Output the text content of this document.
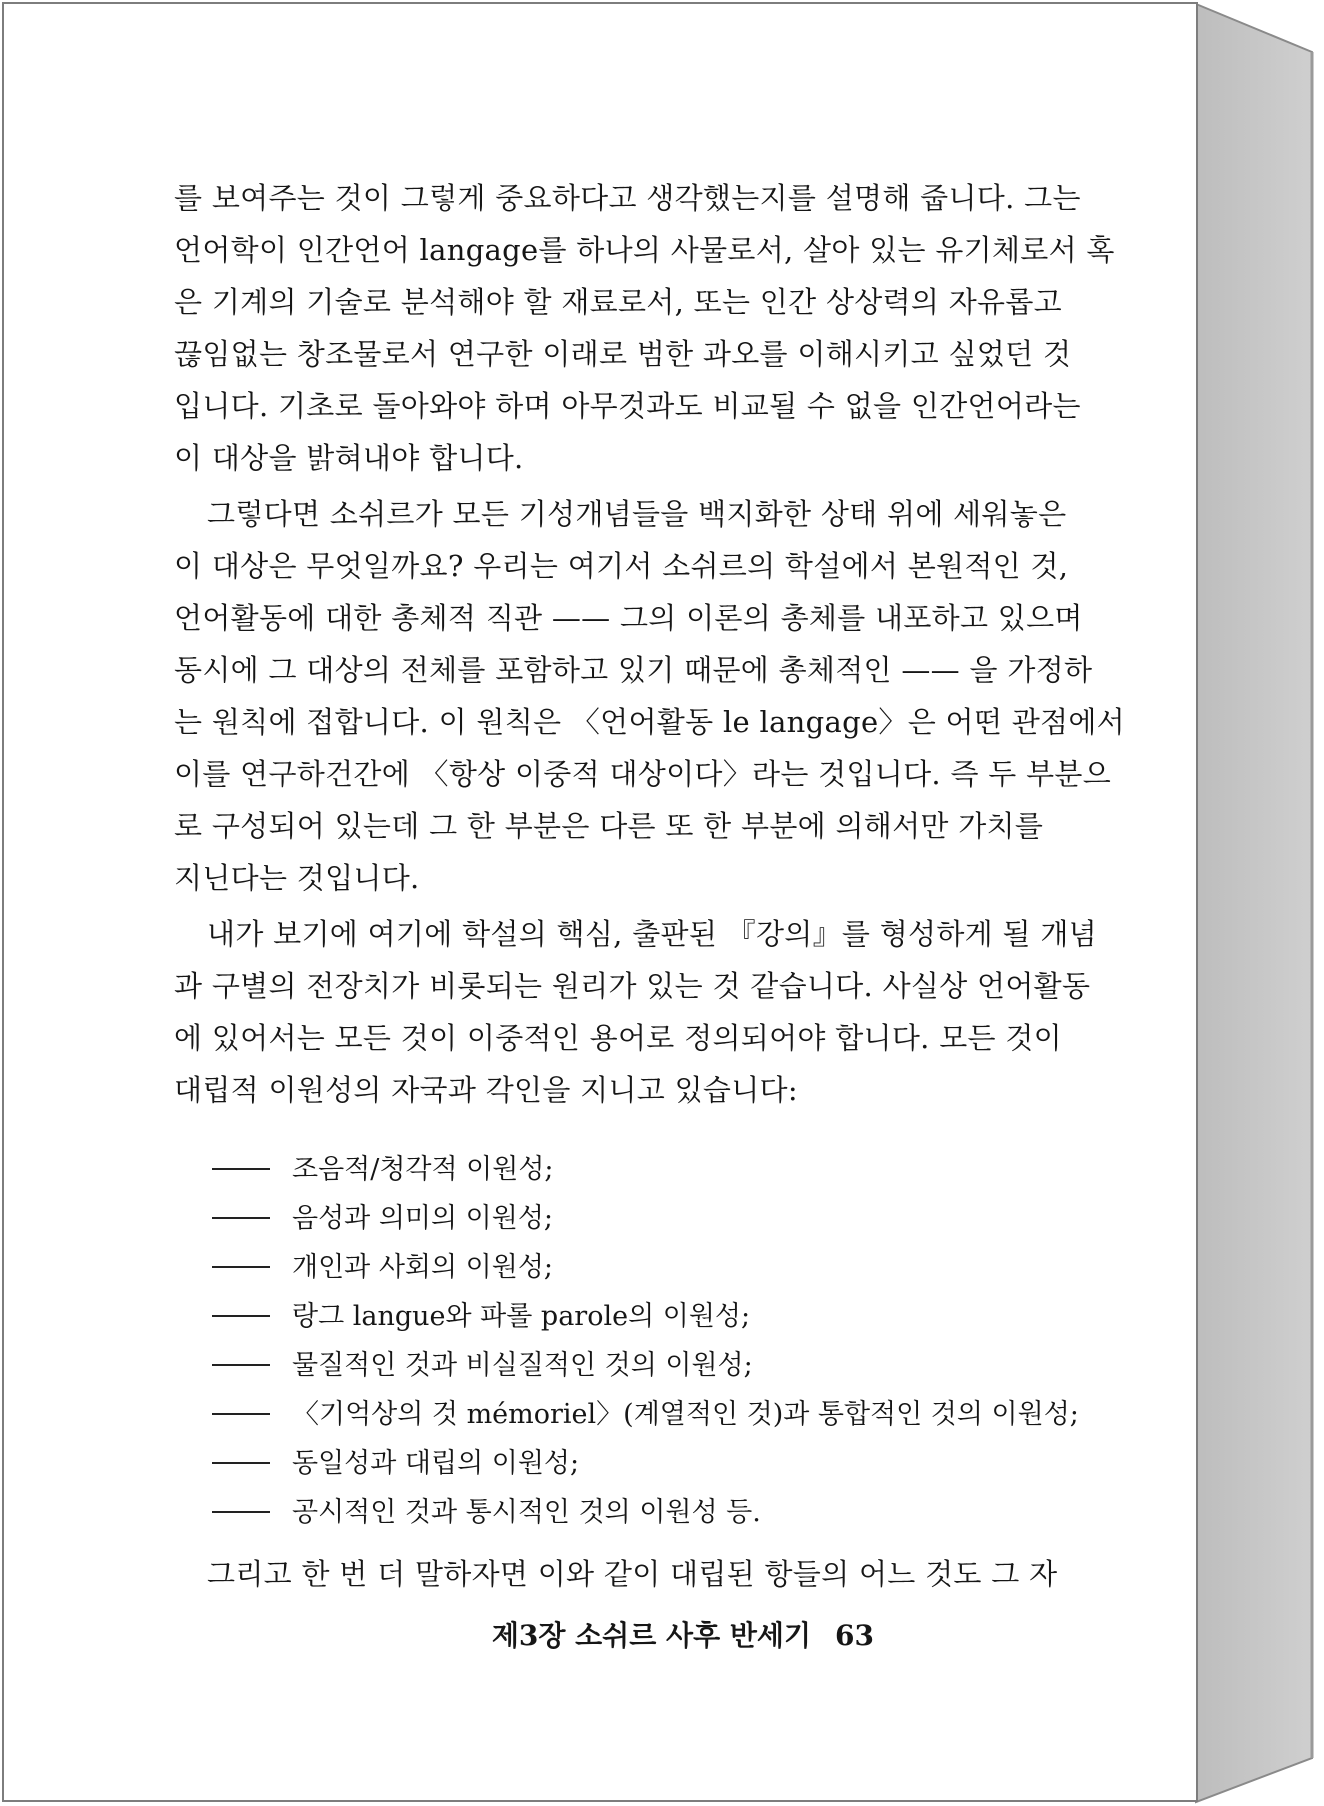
를 보여주는 것이 그렇게 중요하다고 생각했는지를 설명해 줍니다. 그는
언어학이 인간언어 langage를 하나의 사물로서, 살아 있는 유기체로서 혹
은 기계의 기술로 분석해야 할 재료로서, 또는 인간 상상력의 자유롭고
끊임없는 창조물로서 연구한 이래로 범한 과오를 이해시키고 싶었던 것
입니다. 기초로 돌아와야 하며 아무것과도 비교될 수 없을 인간언어라는
이 대상을 밝혀내야 합니다.
그렇다면 소쉬르가 모든 기성개념들을 백지화한 상태 위에 세워놓은
이 대상은 무엇일까요? 우리는 여기서 소쉬르의 학설에서 본원적인 것,
언어활동에 대한 총체적 직관 —— 그의 이론의 총체를 내포하고 있으며
동시에 그 대상의 전체를 포함하고 있기 때문에 총체적인 —— 을 가정하
는 원칙에 접합니다. 이 원칙은 〈언어활동 le langage〉은 어떤 관점에서
이를 연구하건간에 〈항상 이중적 대상이다〉라는 것입니다. 즉 두 부분으
로 구성되어 있는데 그 한 부분은 다른 또 한 부분에 의해서만 가치를
지닌다는 것입니다.
내가 보기에 여기에 학설의 핵심, 출판된 『강의』를 형성하게 될 개념
과 구별의 전장치가 비롯되는 원리가 있는 것 같습니다. 사실상 언어활동
에 있어서는 모든 것이 이중적인 용어로 정의되어야 합니다. 모든 것이
대립적 이원성의 자국과 각인을 지니고 있습니다:
조음적/청각적 이원성;
음성과 의미의 이원성;
개인과 사회의 이원성;
랑그 langue와 파롤 parole의 이원성;
물질적인 것과 비실질적인 것의 이원성;
〈기억상의 것 mémoriel〉(계열적인 것)과 통합적인 것의 이원성;
동일성과 대립의 이원성;
공시적인 것과 통시적인 것의 이원성 등.
그리고 한 번 더 말하자면 이와 같이 대립된 항들의 어느 것도 그 자
제3장 소쉬르 사후 반세기 63
